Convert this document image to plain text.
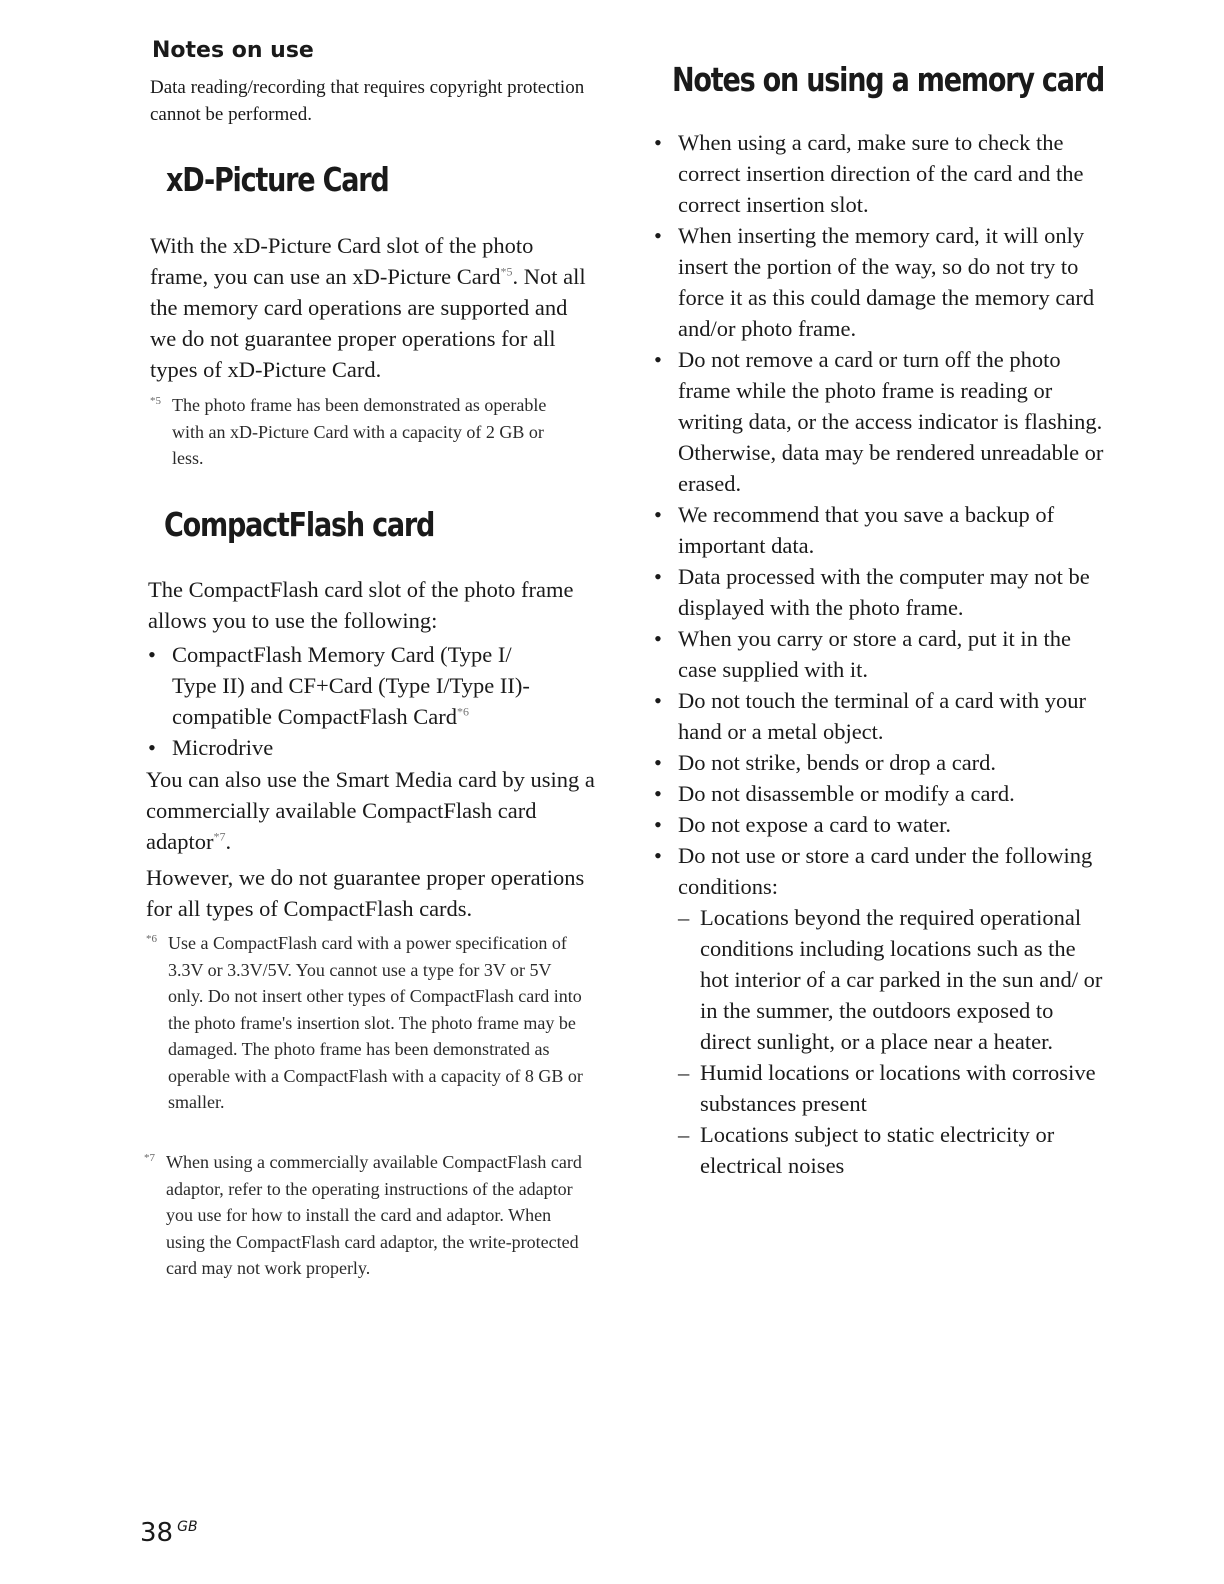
Notes on use

Data reading/recording that requires copyright protection cannot be performed.

xD-Picture Card

With the xD-Picture Card slot of the photo frame, you can use an xD-Picture Card$^{*5}$. Not all the memory card operations are supported and we do not guarantee proper operations for all types of xD-Picture Card.

*5 The photo frame has been demonstrated as operable with an xD-Picture Card with a capacity of 2 GB or less.

CompactFlash card

The CompactFlash card slot of the photo frame allows you to use the following:

• CompactFlash Memory Card (Type I/ Type II) and CF+Card (Type I/Type II)-compatible CompactFlash Card$^{*6}$
• Microdrive

You can also use the Smart Media card by using a commercially available CompactFlash card adaptor$^{*7}$.

However, we do not guarantee proper operations for all types of CompactFlash cards.

*6 Use a CompactFlash card with a power specification of 3.3V or 3.3V/5V. You cannot use a type for 3V or 5V only. Do not insert other types of CompactFlash card into the photo frame's insertion slot. The photo frame may be damaged. The photo frame has been demonstrated as operable with a CompactFlash with a capacity of 8 GB or smaller.

*7 When using a commercially available CompactFlash card adaptor, refer to the operating instructions of the adaptor you use for how to install the card and adaptor. When using the CompactFlash card adaptor, the write-protected card may not work properly.

Notes on using a memory card
• When using a card, make sure to check the correct insertion direction of the card and the correct insertion slot.
• When inserting the memory card, it will only insert the portion of the way, so do not try to force it as this could damage the memory card and/or photo frame.
• Do not remove a card or turn off the photo frame while the photo frame is reading or writing data, or the access indicator is flashing. Otherwise, data may be rendered unreadable or erased.
• We recommend that you save a backup of important data.
• Data processed with the computer may not be displayed with the photo frame.
• When you carry or store a card, put it in the case supplied with it.
• Do not touch the terminal of a card with your hand or a metal object.
• Do not strike, bends or drop a card.
• Do not disassemble or modify a card.
• Do not expose a card to water.
• Do not use or store a card under the following conditions:
– Locations beyond the required operational conditions including locations such as the hot interior of a car parked in the sun and/ or in the summer, the outdoors exposed to direct sunlight, or a place near a heater.
– Humid locations or locations with corrosive substances present
– Locations subject to static electricity or electrical noises
38 $^{GB}$
